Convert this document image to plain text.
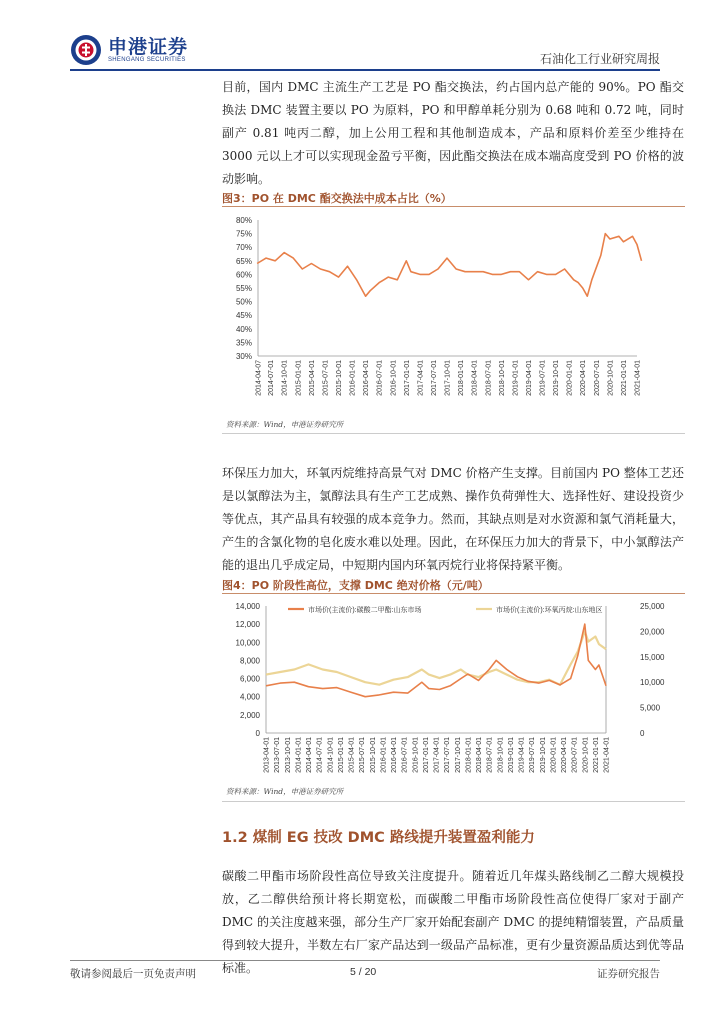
申港证券
SHENGANG SECURITIES	石油化工行业研究周报
目前，国内 DMC 主流生产工艺是 PO 酯交换法，约占国内总产能的 90%。PO 酯交换法 DMC 装置主要以 PO 为原料，PO 和甲醇单耗分别为 0.68 吨和 0.72 吨，同时副产 0.81 吨丙二醇，加上公用工程和其他制造成本，产品和原料价差至少维持在 3000 元以上才可以实现现金盈亏平衡，因此酯交换法在成本端高度受到 PO 价格的波动影响。
图3：PO 在 DMC 酯交换法中成本占比（%）
80%
75%
70%
65%
60%
55%
50%
45%
40%
35%
30%
2014-04-07 2014-07-01 2014-10-01 2015-01-01 2015-04-01 2015-07-01 2015-10-01 2016-01-01 2016-04-01 2016-07-01 2016-10-01 2017-01-01 2017-04-01 2017-07-01 2017-10-01 2018-01-01 2018-04-01 2018-07-01 2018-10-01 2019-01-01 2019-04-01 2019-07-01 2019-10-01 2020-01-01 2020-04-01 2020-07-01 2020-10-01 2021-01-01 2021-04-01
资料来源：Wind，申港证券研究所
环保压力加大，环氧丙烷维持高景气对 DMC 价格产生支撑。目前国内 PO 整体工艺还是以氯醇法为主，氯醇法具有生产工艺成熟、操作负荷弹性大、选择性好、建设投资少等优点，其产品具有较强的成本竞争力。然而，其缺点则是对水资源和氯气消耗量大，产生的含氯化物的皂化废水难以处理。因此，在环保压力加大的背景下，中小氯醇法产能的退出几乎成定局，中短期内国内环氧丙烷行业将保持紧平衡。
图4：PO 阶段性高位，支撑 DMC 绝对价格（元/吨）
14,000
12,000
10,000
8,000
6,000
4,000
2,000
0
25,000
20,000
15,000
10,000
5,000
0
2013-04-01 2013-07-01 2013-10-01 2014-01-01 2014-04-01 2014-07-01 2014-10-01 2015-01-01 2015-04-01 2015-07-01 2015-10-01 2016-01-01 2016-04-01 2016-07-01 2016-10-01 2017-01-01 2017-04-01 2017-07-01 2017-10-01 2018-01-01 2018-04-01 2018-07-01 2018-10-01 2019-01-01 2019-04-01 2019-07-01 2019-10-01 2020-01-01 2020-04-01 2020-07-01 2020-10-01 2021-01-01 2021-04-01
市场价(主流价):碳酸二甲酯:山东市场	市场价(主流价):环氧丙烷:山东地区
资料来源：Wind，申港证券研究所
1.2 煤制 EG 技改 DMC 路线提升装置盈利能力
碳酸二甲酯市场阶段性高位导致关注度提升。随着近几年煤头路线制乙二醇大规模投放，乙二醇供给预计将长期宽松，而碳酸二甲酯市场阶段性高位使得厂家对于副产 DMC 的关注度越来强，部分生产厂家开始配套副产 DMC 的提纯精馏装置，产品质量得到较大提升，半数左右厂家产品达到一级品产品标准，更有少量资源品质达到优等品标准。
敬请参阅最后一页免责声明	5 / 20	证券研究报告
